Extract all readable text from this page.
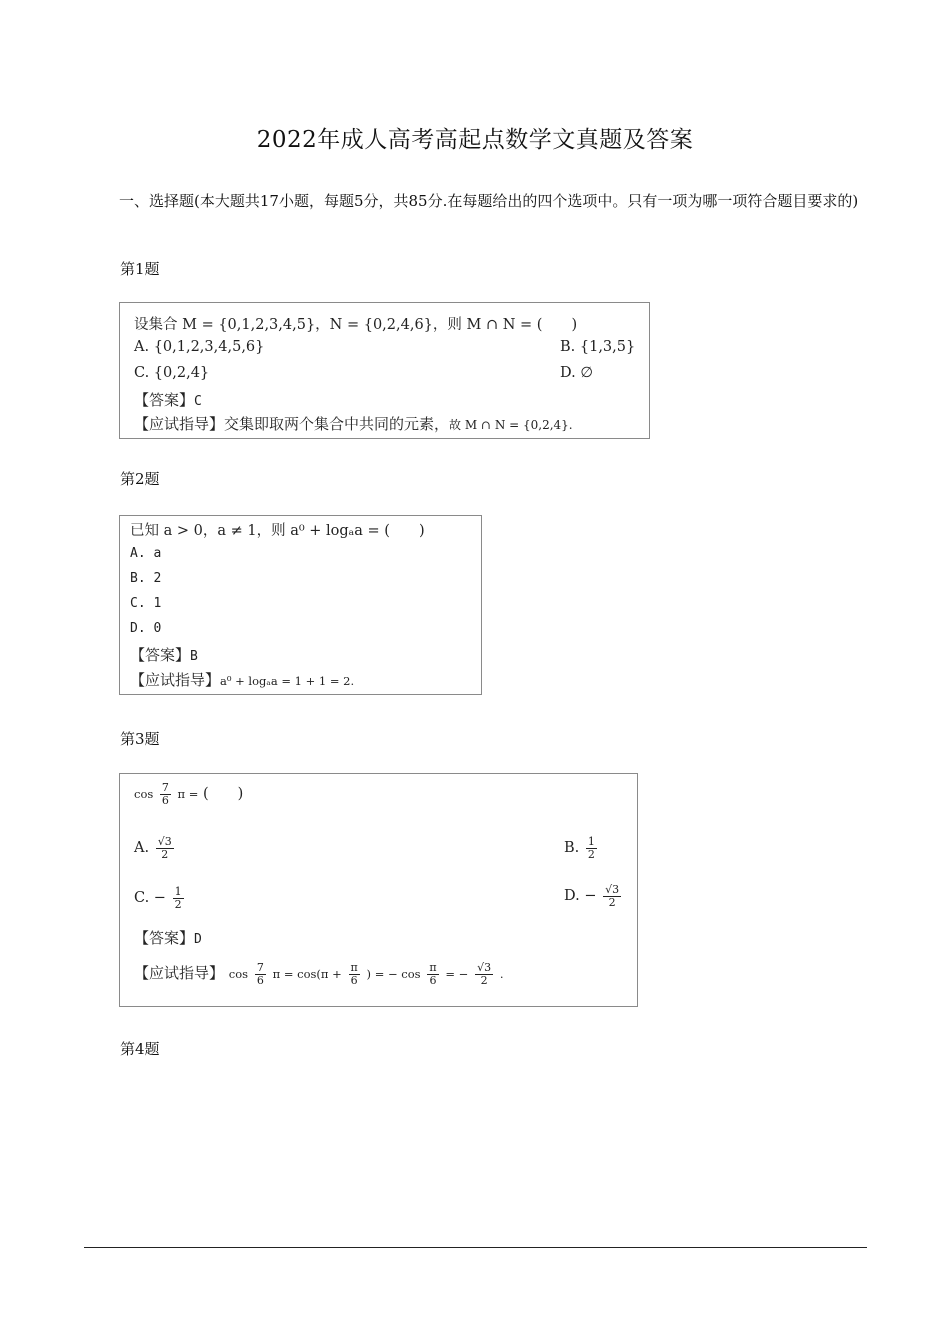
2022年成人高考高起点数学文真题及答案
一、选择题(本大题共17小题，每题5分，共85分.在每题给出的四个选项中。只有一项为哪一项符合题目要求的)
第1题
设集合 M = {0,1,2,3,4,5}，N = {0,2,4,6}，则 M ∩ N = (　　)
A. {0,1,2,3,4,5,6}	B. {1,3,5}
C. {0,2,4}	D. ∅
【答案】C
【应试指导】交集即取两个集合中共同的元素，故 M ∩ N = {0,2,4}.
第2题
已知 a > 0，a ≠ 1，则 a⁰ + logₐa = (　　)
A. a
B. 2
C. 1
D. 0
【答案】B
【应试指导】a⁰ + logₐa = 1 + 1 = 2.
第3题
$\cos \frac{7}{6}$ π = (　　)
A. $\frac{√3}{2}$	B. $\frac{1}{2}$
C. − $\frac{1}{2}$	D. − $\frac{√3}{2}$
【答案】D
【应试指导】 $\cos \frac{7}{6}$ $\pi = \cos(\pi + \frac{\pi}{6}$ ) = − $\cos \frac{\pi}{6}$ = − $\frac{√3}{2}$ .
第4题
